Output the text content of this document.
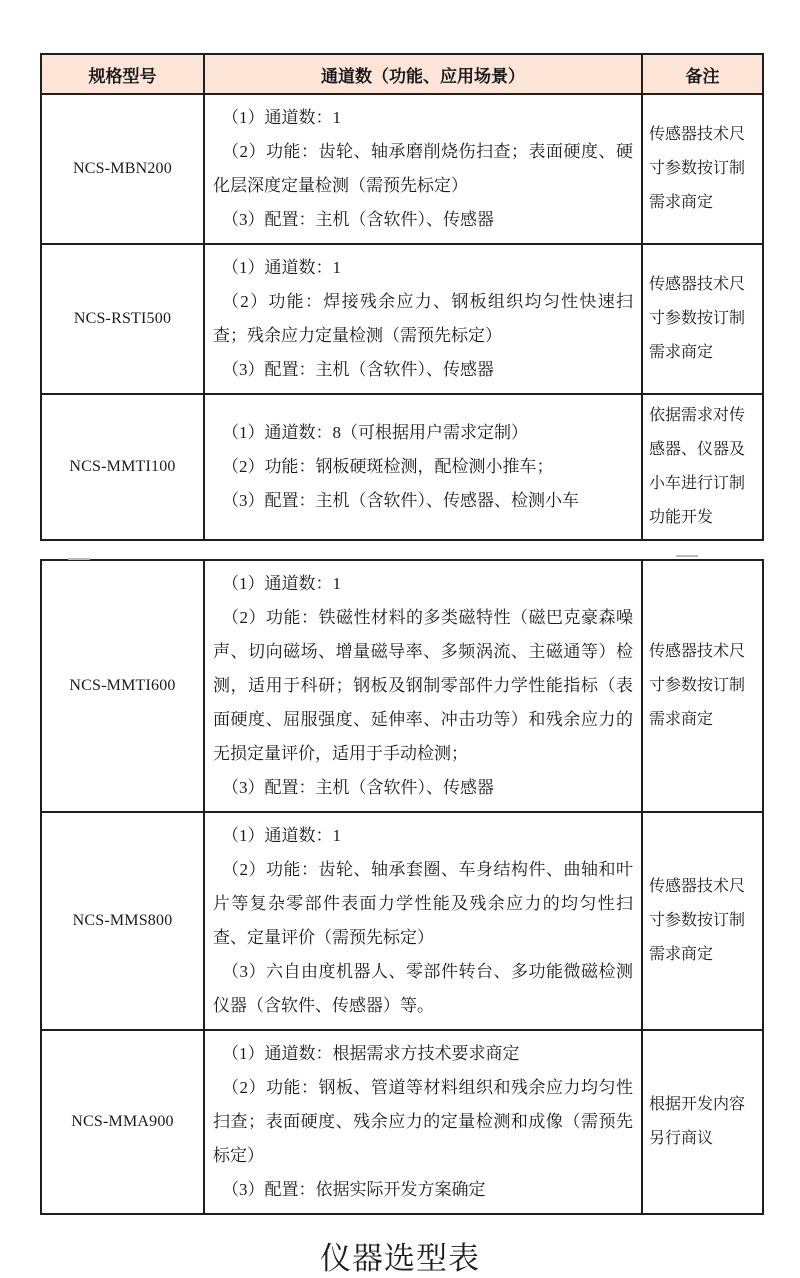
规格型号	通道数（功能、应用场景）	备注
NCS-MBN200	（1）通道数：1

（2）功能：齿轮、轴承磨削烧伤扫查；表面硬度、硬化层深度定量检测（需预先标定）

（3）配置：主机（含软件）、传感器	传感器技术尺寸参数按订制需求商定
NCS-RSTI500	（1）通道数：1

（2）功能：焊接残余应力、钢板组织均匀性快速扫查；残余应力定量检测（需预先标定）

（3）配置：主机（含软件）、传感器	传感器技术尺寸参数按订制需求商定
NCS-MMTI100	（1）通道数：8（可根据用户需求定制）

（2）功能：钢板硬斑检测，配检测小推车；

（3）配置：主机（含软件）、传感器、检测小车	依据需求对传感器、仪器及小车进行订制功能开发
NCS-MMTI600	（1）通道数：1

（2）功能：铁磁性材料的多类磁特性（磁巴克豪森噪声、切向磁场、增量磁导率、多频涡流、主磁通等）检测，适用于科研；钢板及钢制零部件力学性能指标（表面硬度、屈服强度、延伸率、冲击功等）和残余应力的无损定量评价，适用于手动检测；

（3）配置：主机（含软件）、传感器	传感器技术尺寸参数按订制需求商定
NCS-MMS800	（1）通道数：1

（2）功能：齿轮、轴承套圈、车身结构件、曲轴和叶片等复杂零部件表面力学性能及残余应力的均匀性扫查、定量评价（需预先标定）

（3）六自由度机器人、零部件转台、多功能微磁检测仪器（含软件、传感器）等。	传感器技术尺寸参数按订制需求商定
NCS-MMA900	（1）通道数：根据需求方技术要求商定

（2）功能：钢板、管道等材料组织和残余应力均匀性扫查；表面硬度、残余应力的定量检测和成像（需预先标定）

（3）配置：依据实际开发方案确定	根据开发内容另行商议
仪器选型表
